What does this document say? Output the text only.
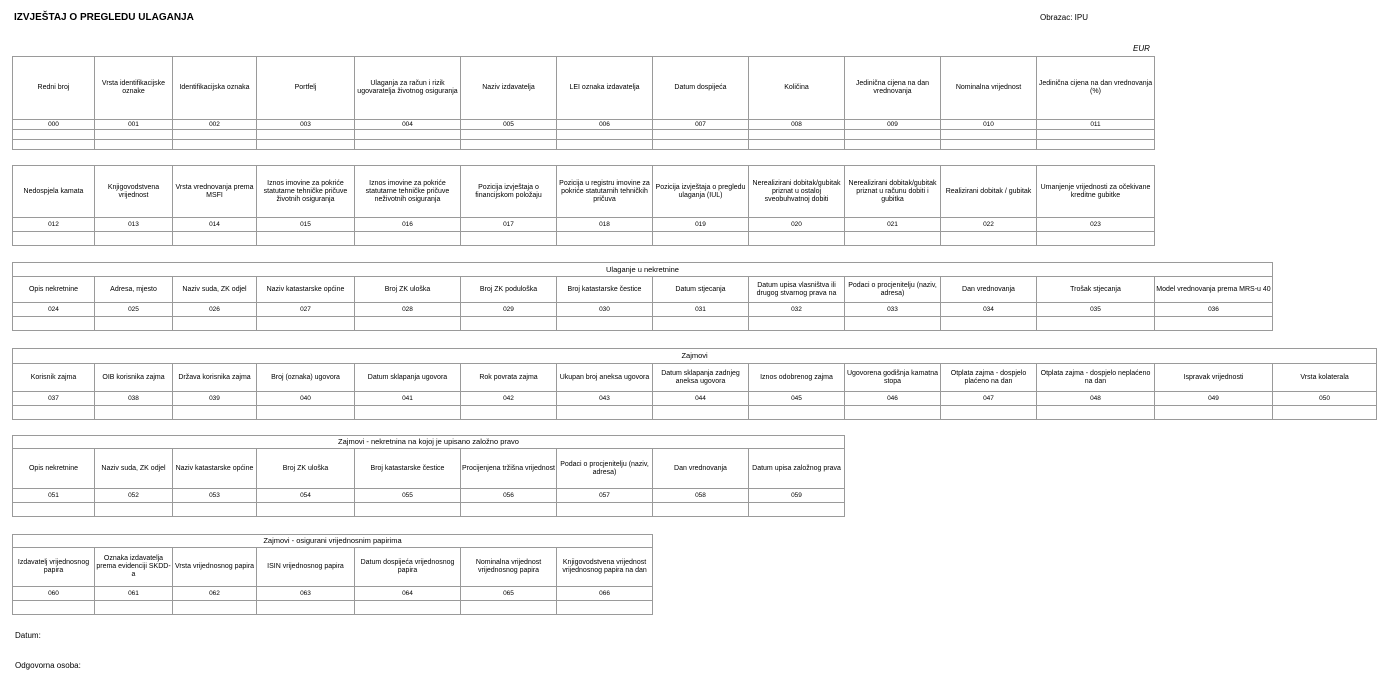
IZVJEŠTAJ O PREGLEDU ULAGANJA	Obrazac: IPU
EUR
Redni broj	Vrsta identifikacijske oznake	Identifikacijska oznaka	Portfelj	Ulaganja za račun i rizik ugovaratelja životnog osiguranja	Naziv izdavatelja	LEI oznaka izdavatelja	Datum dospijeća	Količina	Jedinična cijena na dan vrednovanja	Nominalna vrijednost	Jedinična cijena na dan vrednovanja (%)
000	001	002	003	004	005	006	007	008	009	010	011

Nedospjela kamata	Knjigovodstvena vrijednost	Vrsta vrednovanja prema MSFI	Iznos imovine za pokriće statutarne tehničke pričuve životnih osiguranja	Iznos imovine za pokriće statutarne tehničke pričuve neživotnih osiguranja	Pozicija izvještaja o financijskom položaju	Pozicija u registru imovine za pokriće statutarnih tehničkih pričuva	Pozicija izvještaja o pregledu ulaganja (IUL)	Nerealizirani dobitak/gubitak priznat u ostaloj sveobuhvatnoj dobiti	Nerealizirani dobitak/gubitak priznat u računu dobiti i gubitka	Realizirani dobitak / gubitak	Umanjenje vrijednosti za očekivane kreditne gubitke
012	013	014	015	016	017	018	019	020	021	022	023

Ulaganje u nekretnine												
Opis nekretnine	Adresa, mjesto	Naziv suda, ZK odjel	Naziv katastarske općine	Broj ZK uloška	Broj ZK poduloška	Broj katastarske čestice	Datum stjecanja	Datum upisa vlasništva ili drugog stvarnog prava na	Podaci o procjenitelju (naziv, adresa)	Dan vrednovanja	Trošak stjecanja	Model vrednovanja prema MRS-u 40
024	025	026	027	028	029	030	031	032	033	034	035	036

Zajmovi													
Korisnik zajma	OIB korisnika zajma	Država korisnika zajma	Broj (oznaka) ugovora	Datum sklapanja ugovora	Rok povrata zajma	Ukupan broj aneksa ugovora	Datum sklapanja zadnjeg aneksa ugovora	Iznos odobrenog zajma	Ugovorena godišnja kamatna stopa	Otplata zajma - dospjelo plaćeno na dan	Otplata zajma - dospjelo neplaćeno na dan	Ispravak vrijednosti	Vrsta kolaterala
037	038	039	040	041	042	043	044	045	046	047	048	049	050

Zajmovi - nekretnina na kojoj je upisano založno pravo								
Opis nekretnine	Naziv suda, ZK odjel	Naziv katastarske općine	Broj ZK uloška	Broj katastarske čestice	Procijenjena tržišna vrijednost	Podaci o procjenitelju (naziv, adresa)	Dan vrednovanja	Datum upisa založnog prava
051	052	053	054	055	056	057	058	059

Zajmovi - osigurani vrijednosnim papirima						
Izdavatelj vrijednosnog papira	Oznaka izdavatelja prema evidenciji SKDD-a	Vrsta vrijednosnog papira	ISIN vrijednosnog papira	Datum dospijeća vrijednosnog papira	Nominalna vrijednost vrijednosnog papira	Knjigovodstvena vrijednost vrijednosnog papira na dan
060	061	062	063	064	065	066

Datum:
Odgovorna osoba:
